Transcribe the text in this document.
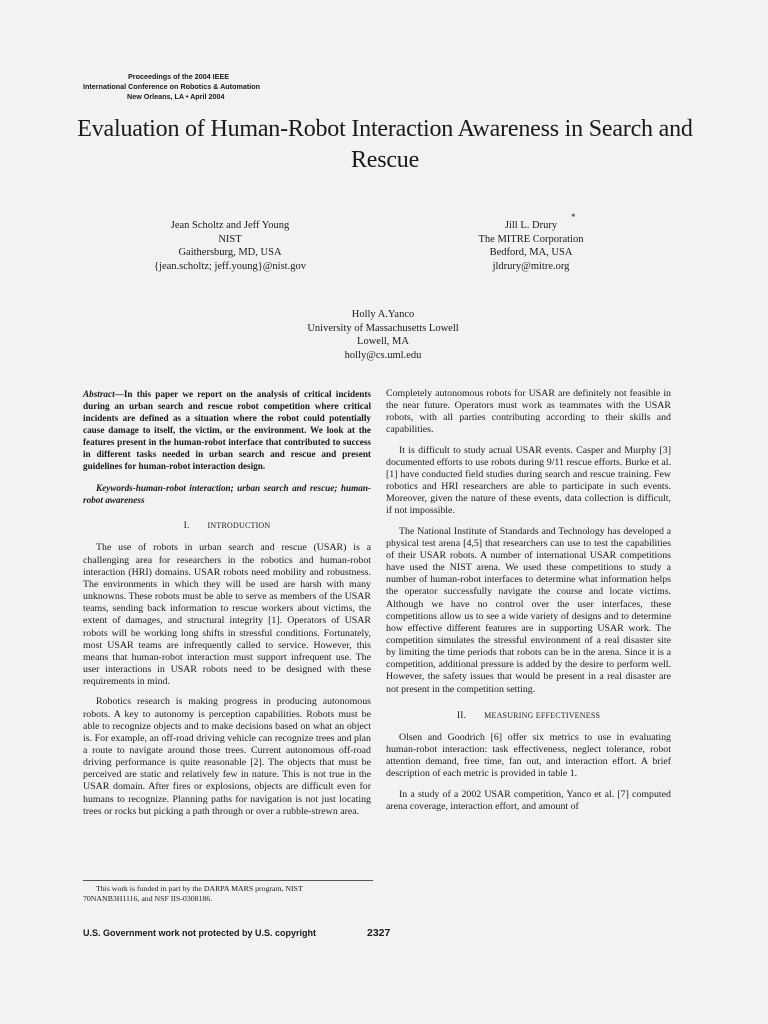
Proceedings of the 2004 IEEE
International Conference on Robotics & Automation
New Orleans, LA • April 2004
Evaluation of Human-Robot Interaction Awareness in Search and Rescue
Jean Scholtz and Jeff Young
NIST
Gaithersburg, MD, USA
{jean.scholtz; jeff.young}@nist.gov
Jill L. Drury
The MITRE Corporation
Bedford, MA, USA
jldrury@mitre.org
*
Holly A.Yanco
University of Massachusetts Lowell
Lowell, MA
holly@cs.uml.edu
Abstract—In this paper we report on the analysis of critical incidents during an urban search and rescue robot competition where critical incidents are defined as a situation where the robot could potentially cause damage to itself, the victim, or the environment. We look at the features present in the human-robot interface that contributed to success in different tasks needed in urban search and rescue and present guidelines for human-robot interaction design.
Keywords-human-robot interaction; urban search and rescue; human-robot awareness
I. INTRODUCTION

The use of robots in urban search and rescue (USAR) is a challenging area for researchers in the robotics and human-robot interaction (HRI) domains. USAR robots need mobility and robustness. The environments in which they will be used are harsh with many unknowns. These robots must be able to serve as members of the USAR teams, sending back information to rescue workers about victims, the extent of damages, and structural integrity [1]. Operators of USAR robots will be working long shifts in stressful conditions. Fortunately, most USAR teams are infrequently called to service. However, this means that human-robot interaction must support infrequent use. The user interactions in USAR robots need to be designed with these requirements in mind.

Robotics research is making progress in producing autonomous robots. A key to autonomy is perception capabilities. Robots must be able to recognize objects and to make decisions based on what an object is. For example, an off-road driving vehicle can recognize trees and plan a route to navigate around those trees. Current autonomous off-road driving performance is quite reasonable [2]. The objects that must be perceived are static and relatively few in nature. This is not true in the USAR domain. After fires or explosions, objects are difficult even for humans to recognize. Planning paths for navigation is not just locating trees or rocks but picking a path through or over a rubble-strewn area.

Completely autonomous robots for USAR are definitely not feasible in the near future. Operators must work as teammates with the USAR robots, with all parties contributing according to their skills and capabilities.

It is difficult to study actual USAR events. Casper and Murphy [3] documented efforts to use robots during 9/11 rescue efforts. Burke et al. [1] have conducted field studies during search and rescue training. Few robotics and HRI researchers are able to participate in such events. Moreover, given the nature of these events, data collection is difficult, if not impossible.

The National Institute of Standards and Technology has developed a physical test arena [4,5] that researchers can use to test the capabilities of their USAR robots. A number of international USAR competitions have used the NIST arena. We used these competitions to study a number of human-robot interfaces to determine what information helps the operator successfully navigate the course and locate victims. Although we have no control over the user interfaces, these competitions allow us to see a wide variety of designs and to determine how effective different features are in supporting USAR work. The competition simulates the stressful environment of a real disaster site by limiting the time periods that robots can be in the arena. Since it is a competition, additional pressure is added by the desire to perform well. However, the safety issues that would be present in a real disaster are not present in the competition setting.

II. MEASURING EFFECTIVENESS

Olsen and Goodrich [6] offer six metrics to use in evaluating human-robot interaction: task effectiveness, neglect tolerance, robot attention demand, free time, fan out, and interaction effort. A brief description of each metric is provided in table 1.

In a study of a 2002 USAR competition, Yanco et al. [7] computed arena coverage, interaction effort, and amount of

This work is funded in part by the DARPA MARS program, NIST
70NANB3H1116, and NSF IIS-0308186.
U.S. Government work not protected by U.S. copyright	2327
